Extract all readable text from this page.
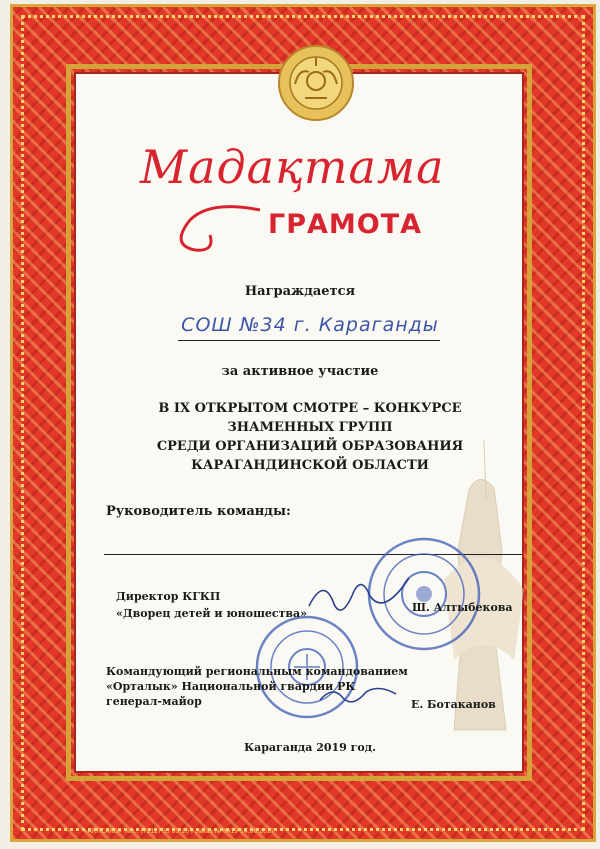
Мадақтама
ГРАМОТА
Награждается
СОШ №34 г. Караганды
за активное участие
В IX ОТКРЫТОМ СМОТРЕ – КОНКУРСЕ
ЗНАМЕННЫХ ГРУПП
СРЕДИ ОРГАНИЗАЦИЙ ОБРАЗОВАНИЯ
КАРАГАНДИНСКОЙ ОБЛАСТИ
Руководитель команды:
Директор КГКП
«Дворец детей и юношества»	Ш. Алтыбекова
Командующий региональным командованием
«Орталык» Национальной гвардии РК
генерал-майор	Е. Ботаканов
Караганда 2019 год.
«ARTICARD» тел.: (7212) 33 63 10 | Заказ № 8419 14.06.2017
